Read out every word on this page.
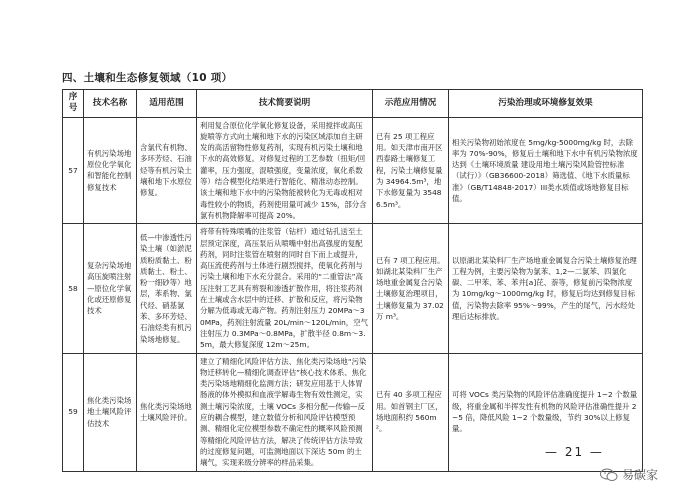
四、土壤和生态修复领域（10 项）
序号	技术名称	适用范围	技术简要说明	示范应用情况	污染治理或环境修复效果
57	有机污染场地原位化学氧化和智能化控制修复技术	含氯代有机物、多环芳烃、石油烃等有机污染土壤和地下水原位修复。	利用复合原位化学氧化修复设备，采用搅拌或高压旋喷等方式向土壤和地下水的污染区域添加自主研发的高活留物性修复药剂，实现有机污染土壤和地下水的高效修复。对修复过程的工艺参数（扭矩/回灌率，压力强度，混喷强度，变量浓度，氧化系数等）结合模型化结果进行智能化、精准动态控制。该土壤和地下水中的污染物能被转化为无毒或相对毒性较小的物质，药剂使用量可减少 15%，部分含氯有机物降解率可提高 20%。	已有 25 项工程应用。如天津市南开区西泰路土壤修复工程，污染土壤修复量为 34964.5m³，地下水修复量为 35486.5m³。	相关污染物初始浓度在 5mg/kg-5000mg/kg 时，去除率为 70%-90%，修复后土壤和地下水中有机污染物浓度达到《土壤环境质量 建设用地土壤污染风险管控标准（试行）》（GB36600-2018）筛选值、《地下水质量标准》（GB/T14848-2017）III类水质值或场地修复目标值。
58	复杂污染场地高压旋喷注射—原位化学氧化或还原修复技术	低—中渗透性污染土壤（如淤泥质粉质黏土、粉质黏土、粉土、粉一细砂等）地层，苯系物、氯代烃、硝基氯苯、多环芳烃、石油烃类有机污染场地修复。	将带有特殊喷嘴的注浆管（钻杆）通过钻孔送至土层预定深度，高压泵后从喷嘴中射出高强度的复配药剂，同时注浆管在喷射的同时自下而上或提升，高压流使药剂与土体进行剧烈搅拌，使氧化药剂与污染土壤和地下水充分混合。采用的“二重管法”高压注射工艺具有剪裂和渗透扩散作用，将注浆药剂在土壤或含水层中的迁移、扩散和反应，将污染物分解为低毒或无毒产物。药剂注射压力 20MPa～30MPa，药剂注射流量 20L/min～120L/min，空气注射压力 0.3MPa～0.8MPa，扩散半径 0.8m～3.5m，最大修复深度 12m～25m。	已有 7 项工程应用。如湖北某染料厂生产场地重金属复合污染土壤修复治理项目，土壤修复量为 37.02 万 m³。	以原湖北某染料厂生产场地重金属复合污染土壤修复治理工程为例，主要污染物为氯苯、1,2—二氯苯、四氯化碳、二甲苯、苯、苯并[a]芘、萘等，修复前污染物浓度为 10mg/kg～1000mg/kg 时，修复后均达到修复目标值，污染物去除率 95%～99%，产生的尾气，污水经处理后达标排放。
59	焦化类污染场地土壤风险评估技术	焦化类污染场地土壤风险评价。	建立了精细化风险评估方法、焦化类污染场地“污染物迁移转化—精细化调查评估”核心技术体系、焦化类污染场地精细化监测方法；研发应用基于人体胃肠液的体外模拟和血液学解毒生物有效性测定，实测土壤污染浓度，土壤 VOCs 多相分配—传输—反应的耦合模型，建立数值分析和风险评估模型预测、精细化定位模型参数不确定性的概率风险预测等精细化风险评估方法，解决了传统评估方法导致的过度修复问题，可监测地面以下深达 50m 的土壤气，实现来级分辨率的样品采集。	已有 40 多项工程应用。如首钢主厂区，场地面积约 560m²。	可将 VOCs 类污染物的风险评估准确度提升 1~2 个数量级，将重金属和半挥发性有机物的风险评估准确性提升 2~5 倍，降低风险 1~2 个数量级，节约 30%以上修复量。
— 21 —
易碳家
